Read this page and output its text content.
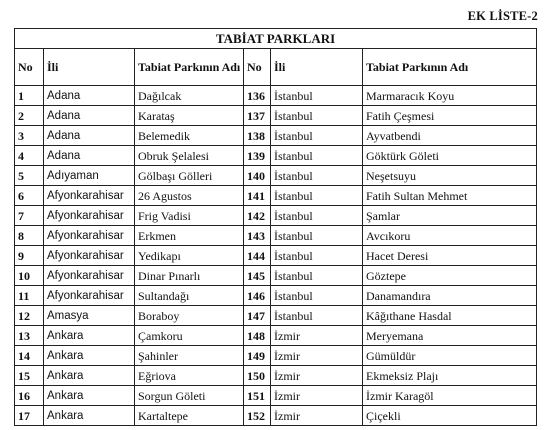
EK LİSTE-2
TABİAT PARKLARI					
No	İli	Tabiat Parkının Adı	No	İli	Tabiat Parkının Adı
1	Adana	Dağılcak	136	İstanbul	Marmaracık Koyu
2	Adana	Karataş	137	İstanbul	Fatih Çeşmesi
3	Adana	Belemedik	138	İstanbul	Ayvatbendi
4	Adana	Obruk Şelalesi	139	İstanbul	Göktürk Göleti
5	Adıyaman	Gölbaşı Gölleri	140	İstanbul	Neşetsuyu
6	Afyonkarahisar	26 Agustos	141	İstanbul	Fatih Sultan Mehmet
7	Afyonkarahisar	Frig Vadisi	142	İstanbul	Şamlar
8	Afyonkarahisar	Erkmen	143	İstanbul	Avcıkoru
9	Afyonkarahisar	Yedikapı	144	İstanbul	Hacet Deresi
10	Afyonkarahisar	Dinar Pınarlı	145	İstanbul	Göztepe
11	Afyonkarahisar	Sultandağı	146	İstanbul	Danamandıra
12	Amasya	Boraboy	147	İstanbul	Kâğıthane Hasdal
13	Ankara	Çamkoru	148	İzmir	Meryemana
14	Ankara	Şahinler	149	İzmir	Gümüldür
15	Ankara	Eğriova	150	İzmir	Ekmeksiz Plajı
16	Ankara	Sorgun Göleti	151	İzmir	İzmir Karagöl
17	Ankara	Kartaltepe	152	İzmir	Çiçekli
